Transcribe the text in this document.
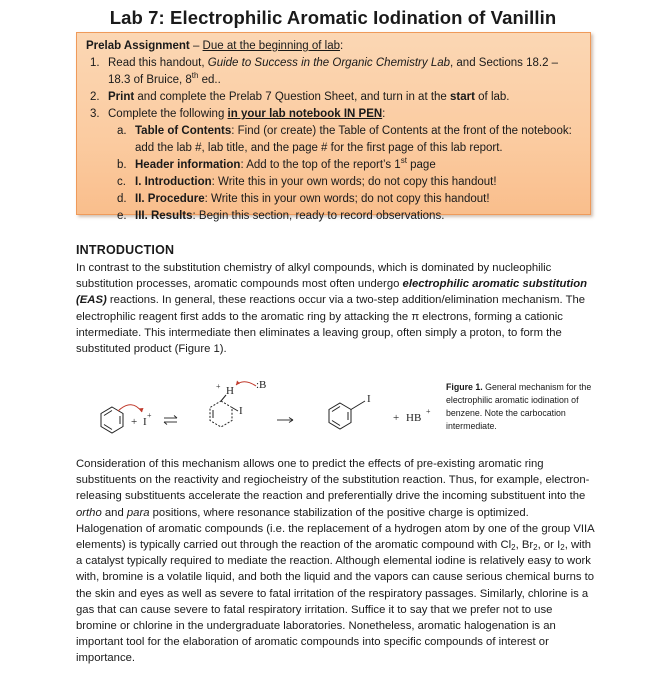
Lab 7: Electrophilic Aromatic Iodination of Vanillin

Prelab Assignment – Due at the beginning of lab:

1. Read this handout, Guide to Success in the Organic Chemistry Lab, and Sections 18.2 – 18.3 of Bruice, 8th ed..
2. Print and complete the Prelab 7 Question Sheet, and turn in at the start of lab.
3. Complete the following in your lab notebook IN PEN:
a. Table of Contents: Find (or create) the Table of Contents at the front of the notebook: add the lab #, lab title, and the page # for the first page of this lab report.
b. Header information: Add to the top of the report’s 1st page
c. I. Introduction: Write this in your own words; do not copy this handout!
d. II. Procedure: Write this in your own words; do not copy this handout!
e. III. Results: Begin this section, ready to record observations.
INTRODUCTION

In contrast to the substitution chemistry of alkyl compounds, which is dominated by nucleophilic substitution processes, aromatic compounds most often undergo electrophilic aromatic substitution (EAS) reactions. In general, these reactions occur via a two-step addition/elimination mechanism. The electrophilic reagent first adds to the aromatic ring by attacking the π electrons, forming a cationic intermediate. This intermediate then eliminates a leaving group, often simply a proton, to form the substituted product (Figure 1).

+ I
+
+ H
I
:B
I
+ HB
+
Figure 1. General mechanism for the electrophilic aromatic iodination of benzene. Note the carbocation intermediate.

Consideration of this mechanism allows one to predict the effects of pre-existing aromatic ring substituents on the reactivity and regiocheistry of the substitution reaction. Thus, for example, electron-releasing substituents accelerate the reaction and preferentially drive the incoming substituent into the ortho and para positions, where resonance stabilization of the positive charge is optimized. Halogenation of aromatic compounds (i.e. the replacement of a hydrogen atom by one of the group VIIA elements) is typically carried out through the reaction of the aromatic compound with $Cl_2$, $Br_2$, or $I_2$, with a catalyst typically required to mediate the reaction. Although elemental iodine is relatively easy to work with, bromine is a volatile liquid, and both the liquid and the vapors can cause serious chemical burns to the skin and eyes as well as severe to fatal irritation of the respiratory passages. Similarly, chlorine is a gas that can cause severe to fatal respiratory irritation. Suffice it to say that we prefer not to use bromine or chlorine in the undergraduate laboratories. Nonetheless, aromatic halogenation is an important tool for the elaboration of aromatic compounds into specific compounds of interest or importance.
